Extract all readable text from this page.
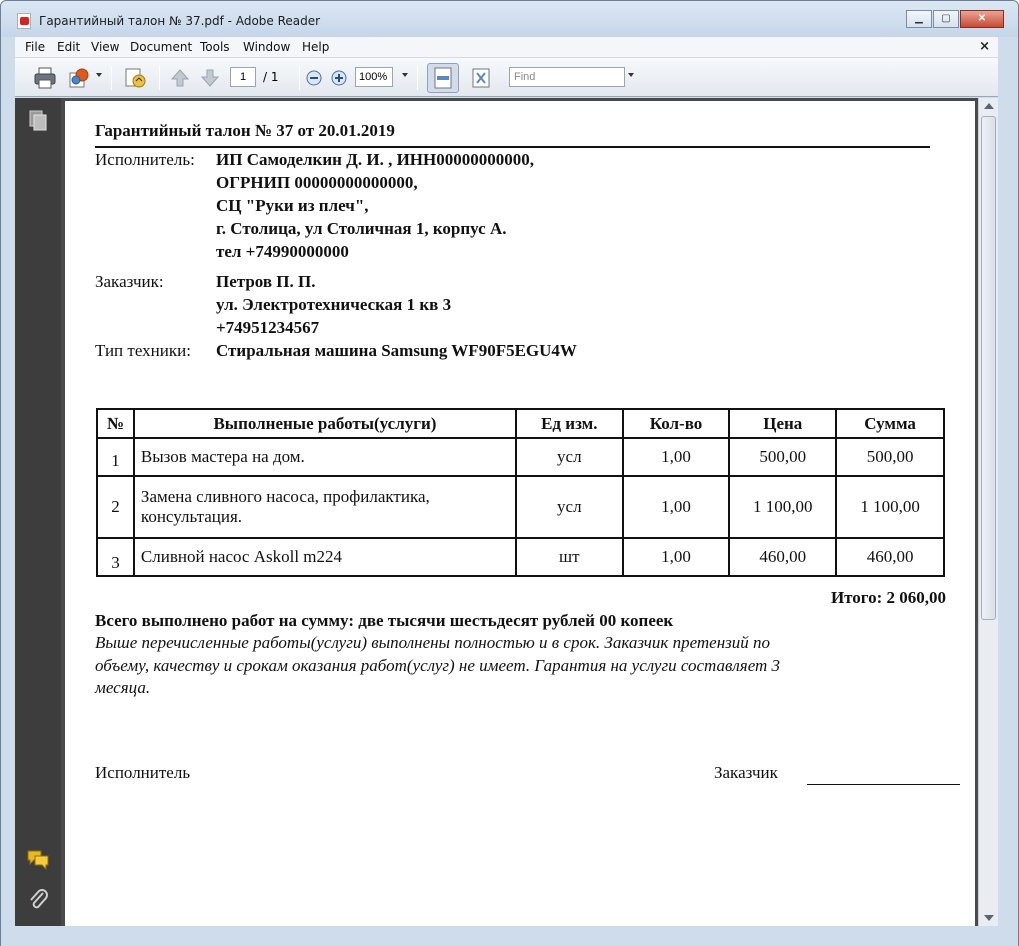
Гарантийный талон № 37.pdf - Adobe Reader	▁	▢	✕
File Edit View Document Tools Window Help	×
1	/ 1	100%	Find
Гарантийный талон № 37 от 20.01.2019
Исполнитель: ИП Самоделкин Д. И. , ИНН00000000000,
ОГРНИП 00000000000000,
СЦ "Руки из плеч",
г. Столица, ул Столичная 1, корпус А.
тел +74990000000
Заказчик:	Петров П. П.
ул. Электротехническая 1 кв 3
+74951234567
Тип техники: Стиральная машина Samsung WF90F5EGU4W
№	Выполненые работы(услуги)	Ед изм.	Кол-во	Цена	Сумма
1	Вызов мастера на дом.	усл	1,00	500,00	500,00
2	Замена сливного насоса, профилактика, консультация.	усл	1,00	1 100,00	1 100,00
3	Сливной насос Askoll m224	шт	1,00	460,00	460,00
Итого: 2 060,00
Всего выполнено работ на сумму: две тысячи шестьдесят рублей 00 копеек
Выше перечисленные работы(услуги) выполнены полностью и в срок. Заказчик претензий по
объему, качеству и срокам оказания работ(услуг) не имеет. Гарантия на услуги составляет 3
месяца.
Исполнитель	Заказчик
